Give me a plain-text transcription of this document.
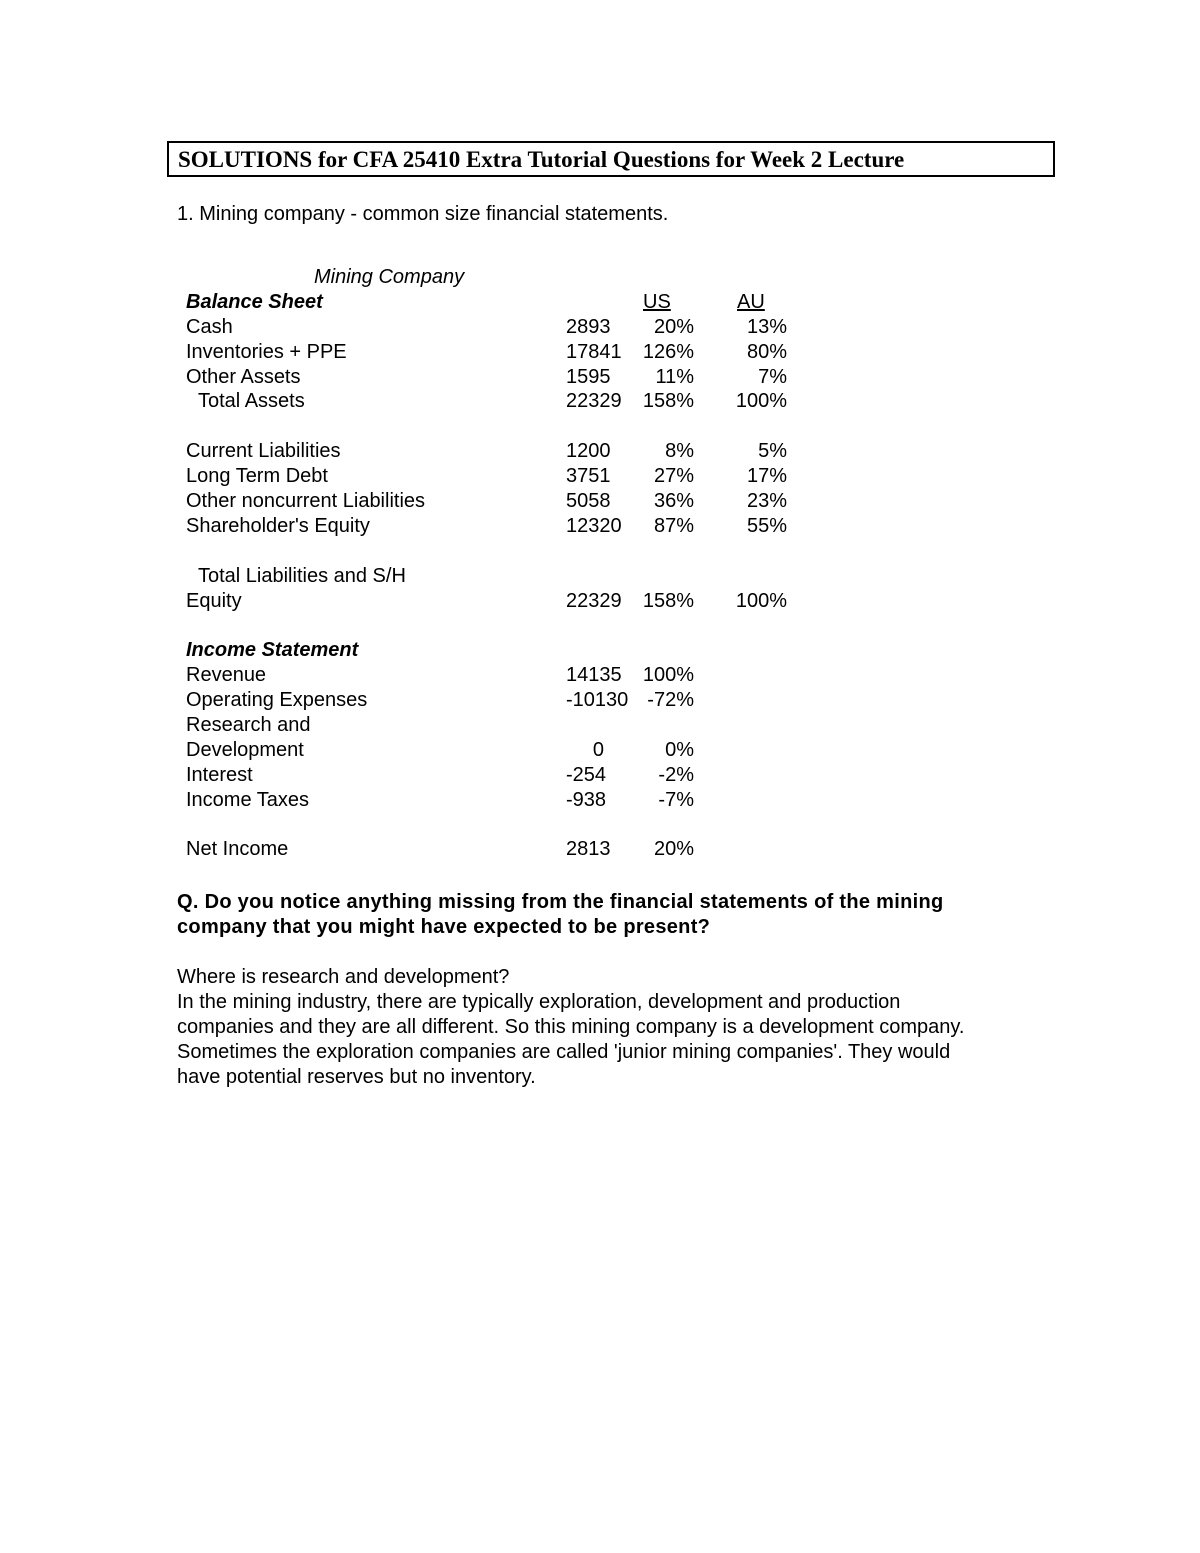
SOLUTIONS for CFA 25410 Extra Tutorial Questions for Week 2 Lecture
1. Mining company - common size financial statements.
Mining Company
Balance Sheet	US	AU
Cash	2893	20%	13%
Inventories + PPE	17841	126%	80%
Other Assets	1595	11%	7%
Total Assets	22329	158%	100%
Current Liabilities	1200	8%	5%
Long Term Debt	3751	27%	17%
Other noncurrent Liabilities	5058	36%	23%
Shareholder's Equity	12320	87%	55%
Total Liabilities and S/H
Equity	22329	158%	100%
Income Statement
Revenue	14135	100%
Operating Expenses	-10130 -72%
Research and
Development	0	0%
Interest	-254	-2%
Income Taxes	-938	-7%
Net Income	2813	20%
Q. Do you notice anything missing from the financial statements of the mining
company that you might have expected to be present?
Where is research and development?
In the mining industry, there are typically exploration, development and production
companies and they are all different. So this mining company is a development company.
Sometimes the exploration companies are called 'junior mining companies'. They would
have potential reserves but no inventory.
